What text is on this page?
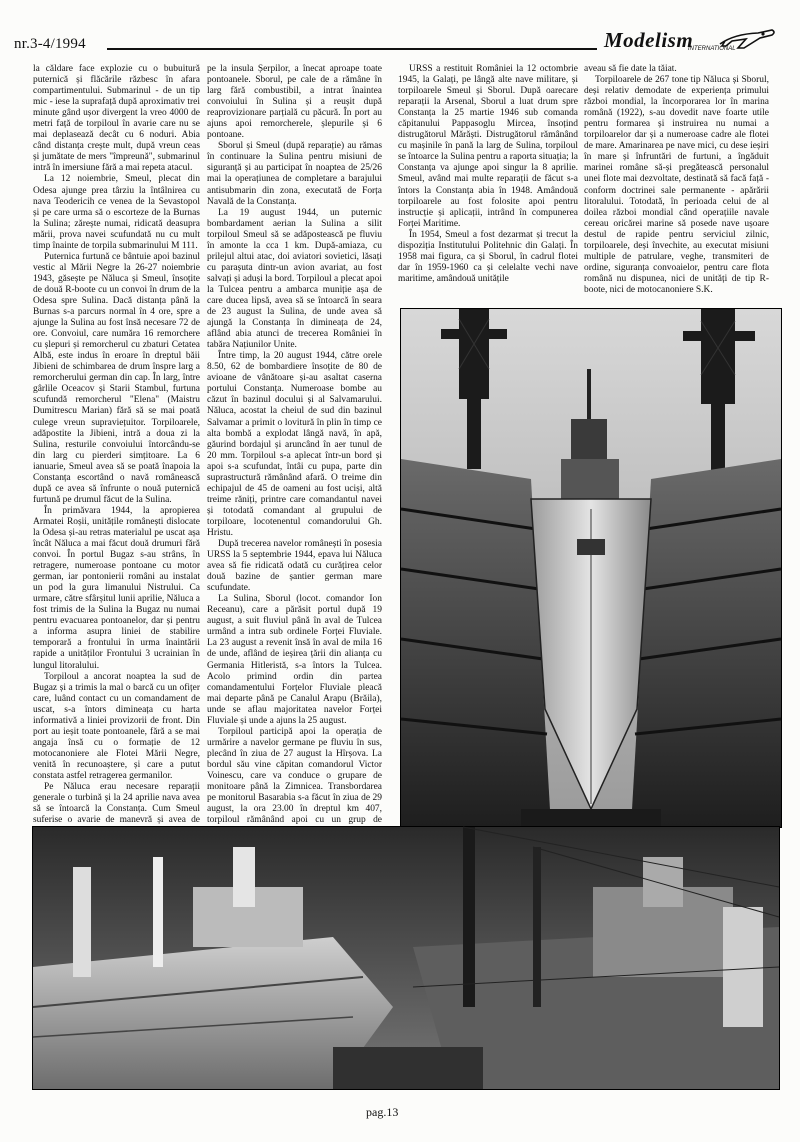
nr.3-4/1994	Modelism
INTERNATIONAL

la căldare face explozie cu o bubuitură puternică și flăcările răzbesc în afara compartimentului. Submarinul - de un tip mic - iese la suprafață după aproximativ trei minute gând ușor divergent la vreo 4000 de metri față de torpiloul în avarie care nu se mai deplasează decât cu 6 noduri. Abia când distanța crește mult, după vreun ceas și jumătate de mers "împreună", submarinul intră în imersiune fără a mai repeta atacul.

La 12 noiembrie, Smeul, plecat din Odesa ajunge prea târziu la întâlnirea cu nava Teodericih ce venea de la Sevastopol și pe care urma să o escorteze de la Burnas la Sulina; zărește numai, ridicată deasupra mării, prova navei scufundată nu cu mult timp înainte de torpila submarinului M 111.

Puternica furtună ce bântuie apoi bazinul vestic al Mării Negre la 26-27 noiembrie 1943, găsește pe Năluca și Smeul, însoțite de două R-boote cu un convoi în drum de la Odesa spre Sulina. Dacă distanța până la Burnas s-a parcurs normal în 4 ore, spre a ajunge la Sulina au fost însă necesare 72 de ore. Convoiul, care număra 16 remorchere cu șlepuri și remorcherul cu zbaturi Cetatea Albă, este indus în eroare în dreptul băii Jibieni de schimbarea de drum înspre larg a remorcherului german din cap. În larg, între gârlile Oceacov și Starii Stambul, furtuna scufundă remorcherul "Elena" (Maistru Dumitrescu Marian) fără să se mai poată culege vreun supraviețuitor. Torpiloarele, adăpostite la Jibieni, intră a doua zi la Sulina, resturile convoiului întorcându-se din larg cu pierderi simțitoare. La 6 ianuarie, Smeul avea să se poată înapoia la Constanța escortând o navă românească după ce avea să înfrunte o nouă puternică furtună pe drumul făcut de la Sulina.

În primăvara 1944, la apropierea Armatei Roșii, unitățile românești dislocate la Odesa și-au retras materialul pe uscat așa încât Năluca a mai făcut două drumuri fără convoi. În portul Bugaz s-au strâns, în retragere, numeroase pontoane cu motor german, iar pontonierii români au instalat un pod la gura limanului Nistrului. Ca urmare, către sfârșitul lunii aprilie, Năluca a fost trimis de la Sulina la Bugaz nu numai pentru evacuarea pontoanelor, dar și pentru a informa asupra liniei de stabilire temporară a frontului în urma înaintării rapide a unităților Frontului 3 ucrainian în lungul litoralului.

Torpiloul a ancorat noaptea la sud de Bugaz și a trimis la mal o barcă cu un ofițer care, luând contact cu un comandament de uscat, s-a întors dimineața cu harta informativă a liniei provizorii de front. Din port au ieșit toate pontoanele, fără a se mai angaja însă cu o formație de 12 motocanoniere ale Flotei Mării Negre, venită în recunoaștere, și care a putut constata astfel retragerea germanilor.

Pe Năluca erau necesare reparații generale o turbină și la 24 aprilie nava avea să se întoarcă la Constanța. Cum Smeul suferise o avarie de manevră și avea de

pe la insula Șerpilor, a înecat aproape toate pontoanele. Sborul, pe cale de a rămâne în larg fără combustibil, a intrat înaintea convoiului în Sulina și a reușit după reaprovizionare parțială cu păcură. În port au ajuns apoi remorcherele, șlepurile și 6 pontoane.

Sborul și Smeul (după reparație) au rămas în continuare la Sulina pentru misiuni de siguranță și au participat în noaptea de 25/26 mai la operațiunea de completare a barajului antisubmarin din zona, executată de Forța Navală de la Constanța.

La 19 august 1944, un puternic bombardament aerian la Sulina a silit torpiloul Smeul să se adăpostească pe fluviu în amonte la cca 1 km. După-amiaza, cu prilejul altui atac, doi aviatori sovietici, lăsați cu parașuta dintr-un avion avariat, au fost salvați și aduși la bord. Torpiloul a plecat apoi la Tulcea pentru a ambarca muniție așa de care ducea lipsă, avea să se întoarcă în seara de 23 august la Sulina, de unde avea să ajungă la Constanța în dimineața de 24, aflând abia atunci de trecerea României în tabăra Națiunilor Unite.

Între timp, la 20 august 1944, către orele 8.50, 62 de bombardiere însoțite de 80 de avioane de vânătoare și-au asaltat caserna portului Constanța. Numeroase bombe au căzut în bazinul docului și al Salvamarului. Năluca, acostat la cheiul de sud din bazinul Salvamar a primit o lovitură în plin în timp ce alta bombă a explodat lângă navă, în apă, găurind bordajul și aruncând în aer tunul de 20 mm. Torpiloul s-a aplecat într-un bord și apoi s-a scufundat, întâi cu pupa, parte din suprastructură rămânând afară. O treime din echipajul de 45 de oameni au fost uciși, altă treime răniți, printre care comandantul navei și totodată comandant al grupului de torpiloare, locotenentul comandorului Gh. Hristu.

După trecerea navelor românești în posesia URSS la 5 septembrie 1944, epava lui Năluca avea să fie ridicată odată cu curățirea celor două bazine de șantier german mare scufundate.

La Sulina, Sborul (locot. comandor Ion Receanu), care a părăsit portul după 19 august, a suit fluviul până în aval de Tulcea urmând a intra sub ordinele Forței Fluviale. La 23 august a revenit însă în aval de mila 16 de unde, aflând de ieșirea țării din alianța cu Germania Hitleristă, s-a întors la Tulcea. Acolo primind ordin din partea comandamentului Forțelor Fluviale pleacă mai departe până pe Canalul Arapu (Brăila), unde se aflau majoritatea navelor Forței Fluviale și unde a ajuns la 25 august.

Torpiloul participă apoi la operația de urmărire a navelor germane pe fluviu în sus, plecând în ziua de 27 august la Hîrșova. La bordul său vine căpitan comandorul Victor Voinescu, care va conduce o grupare de monitoare până la Zimnicea. Transbordarea pe monitorul Basarabia s-a făcut în ziua de 29 august, la ora 23.00 în dreptul km 407, torpiloul rămânând apoi cu un grup de

URSS a restituit României la 12 octombrie 1945, la Galați, pe lângă alte nave militare, și torpiloarele Smeul și Sborul. După oarecare reparații la Arsenal, Sborul a luat drum spre Constanța la 25 martie 1946 sub comanda căpitanului Pappasoglu Mircea, însoțind distrugătorul Mărăști. Distrugătorul rămânând cu mașinile în pană la larg de Sulina, torpiloul se întoarce la Sulina pentru a raporta situația; la Constanța va ajunge apoi singur la 8 aprilie. Smeul, având mai multe reparații de făcut s-a întors la Constanța abia în 1948. Amândouă torpiloarele au fost folosite apoi pentru instrucție și aplicații, intrând în compunerea Forței Maritime.

În 1954, Smeul a fost dezarmat și trecut la dispoziția Institutului Politehnic din Galați. În 1958 mai figura, ca și Sborul, în cadrul flotei dar în 1959-1960 ca și celelalte vechi nave maritime, amândouă unitățile

aveau să fie date la tăiat.

Torpiloarele de 267 tone tip Năluca și Sborul, deși relativ demodate de experiența primului război mondial, la încorporarea lor în marina română (1922), s-au dovedit nave foarte utile pentru formarea și instruirea nu numai a torpiloarelor dar și a numeroase cadre ale flotei de mare. Amarinarea pe nave mici, cu dese ieșiri în mare și înfruntări de furtuni, a îngăduit marinei române să-și pregătească personalul unei flote mai dezvoltate, destinată să facă față - conform doctrinei sale permanente - apărării litoralului. Totodată, în perioada celui de al doilea război mondial când operațiile navale cereau oricărei marine să posede nave ușoare destul de rapide pentru serviciul zilnic, torpiloarele, deși învechite, au executat misiuni multiple de patrulare, veghe, transmiteri de ordine, siguranța convoaielor, pentru care flota română nu dispunea, nici de unități de tip R-boote, nici de motocanoniere S.K.

pag.13
